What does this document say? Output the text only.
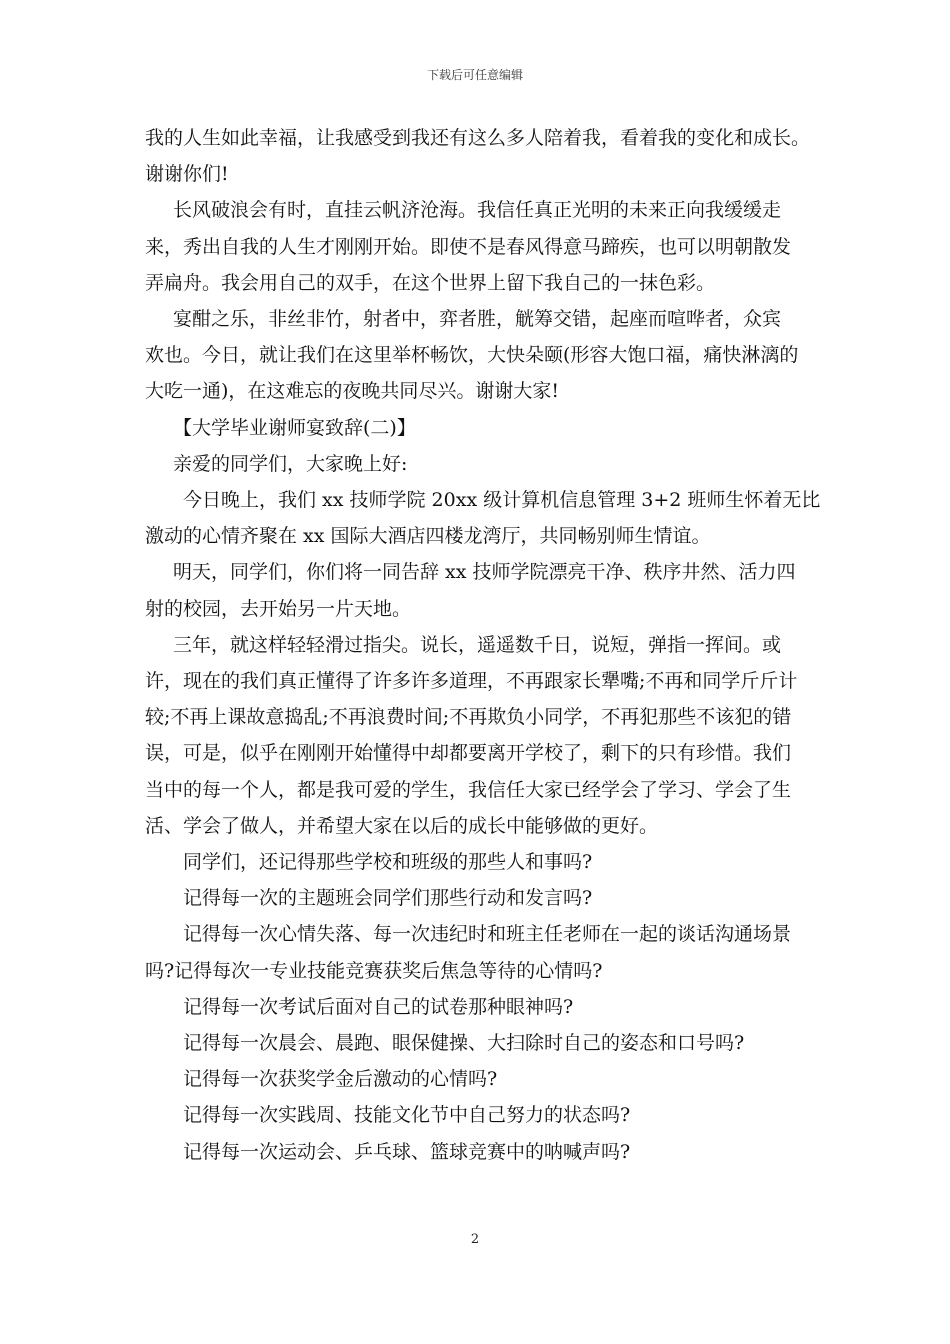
下载后可任意编辑

我的人生如此幸福，让我感受到我还有这么多人陪着我，看着我的变化和成长。

谢谢你们!

长风破浪会有时，直挂云帆济沧海。我信任真正光明的未来正向我缓缓走

来，秀出自我的人生才刚刚开始。即使不是春风得意马蹄疾，也可以明朝散发

弄扁舟。我会用自己的双手，在这个世界上留下我自己的一抹色彩。

宴酣之乐，非丝非竹，射者中，弈者胜，觥筹交错，起座而喧哗者，众宾

欢也。今日，就让我们在这里举杯畅饮，大快朵颐(形容大饱口福，痛快淋漓的

大吃一通)，在这难忘的夜晚共同尽兴。谢谢大家!

【大学毕业谢师宴致辞(二)】

亲爱的同学们，大家晚上好:

今日晚上，我们 xx 技师学院 20xx 级计算机信息管理 3+2 班师生怀着无比

激动的心情齐聚在 xx 国际大酒店四楼龙湾厅，共同畅别师生情谊。

明天，同学们，你们将一同告辞 xx 技师学院漂亮干净、秩序井然、活力四

射的校园，去开始另一片天地。

三年，就这样轻轻滑过指尖。说长，遥遥数千日，说短，弹指一挥间。或

许，现在的我们真正懂得了许多许多道理，不再跟家长犟嘴;不再和同学斤斤计

较;不再上课故意捣乱;不再浪费时间;不再欺负小同学，不再犯那些不该犯的错

误，可是，似乎在刚刚开始懂得中却都要离开学校了，剩下的只有珍惜。我们

当中的每一个人，都是我可爱的学生，我信任大家已经学会了学习、学会了生

活、学会了做人，并希望大家在以后的成长中能够做的更好。

同学们，还记得那些学校和班级的那些人和事吗?

记得每一次的主题班会同学们那些行动和发言吗?

记得每一次心情失落、每一次违纪时和班主任老师在一起的谈话沟通场景

吗?记得每次一专业技能竞赛获奖后焦急等待的心情吗?

记得每一次考试后面对自己的试卷那种眼神吗?

记得每一次晨会、晨跑、眼保健操、大扫除时自己的姿态和口号吗?

记得每一次获奖学金后激动的心情吗?

记得每一次实践周、技能文化节中自己努力的状态吗?

记得每一次运动会、乒乓球、篮球竞赛中的呐喊声吗?

2
